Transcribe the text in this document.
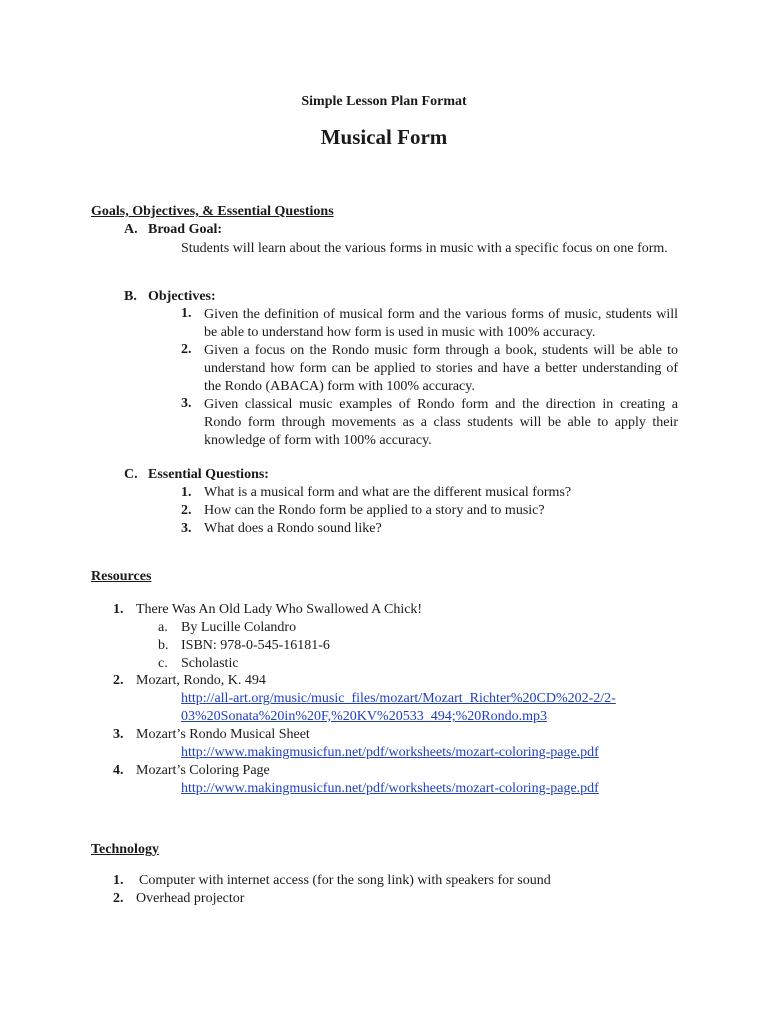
Simple Lesson Plan Format
Musical Form
Goals, Objectives, & Essential Questions
A. Broad Goal:
Students will learn about the various forms in music with a specific focus on one form.
B. Objectives:
1. Given the definition of musical form and the various forms of music, students will be able to understand how form is used in music with 100% accuracy.
2. Given a focus on the Rondo music form through a book, students will be able to understand how form can be applied to stories and have a better understanding of the Rondo (ABACA) form with 100% accuracy.
3. Given classical music examples of Rondo form and the direction in creating a Rondo form through movements as a class students will be able to apply their knowledge of form with 100% accuracy.
C. Essential Questions:
1. What is a musical form and what are the different musical forms?
2. How can the Rondo form be applied to a story and to music?
3. What does a Rondo sound like?
Resources
1. There Was An Old Lady Who Swallowed A Chick!
a. By Lucille Colandro
b. ISBN: 978-0-545-16181-6
c. Scholastic
2. Mozart, Rondo, K. 494
http://all-art.org/music/music_files/mozart/Mozart_Richter%20CD%202-2/2-
03%20Sonata%20in%20F,%20KV%20533_494;%20Rondo.mp3
3. Mozart’s Rondo Musical Sheet
http://www.makingmusicfun.net/pdf/worksheets/mozart-coloring-page.pdf
4. Mozart’s Coloring Page
http://www.makingmusicfun.net/pdf/worksheets/mozart-coloring-page.pdf
Technology
1. Computer with internet access (for the song link) with speakers for sound
2. Overhead projector
